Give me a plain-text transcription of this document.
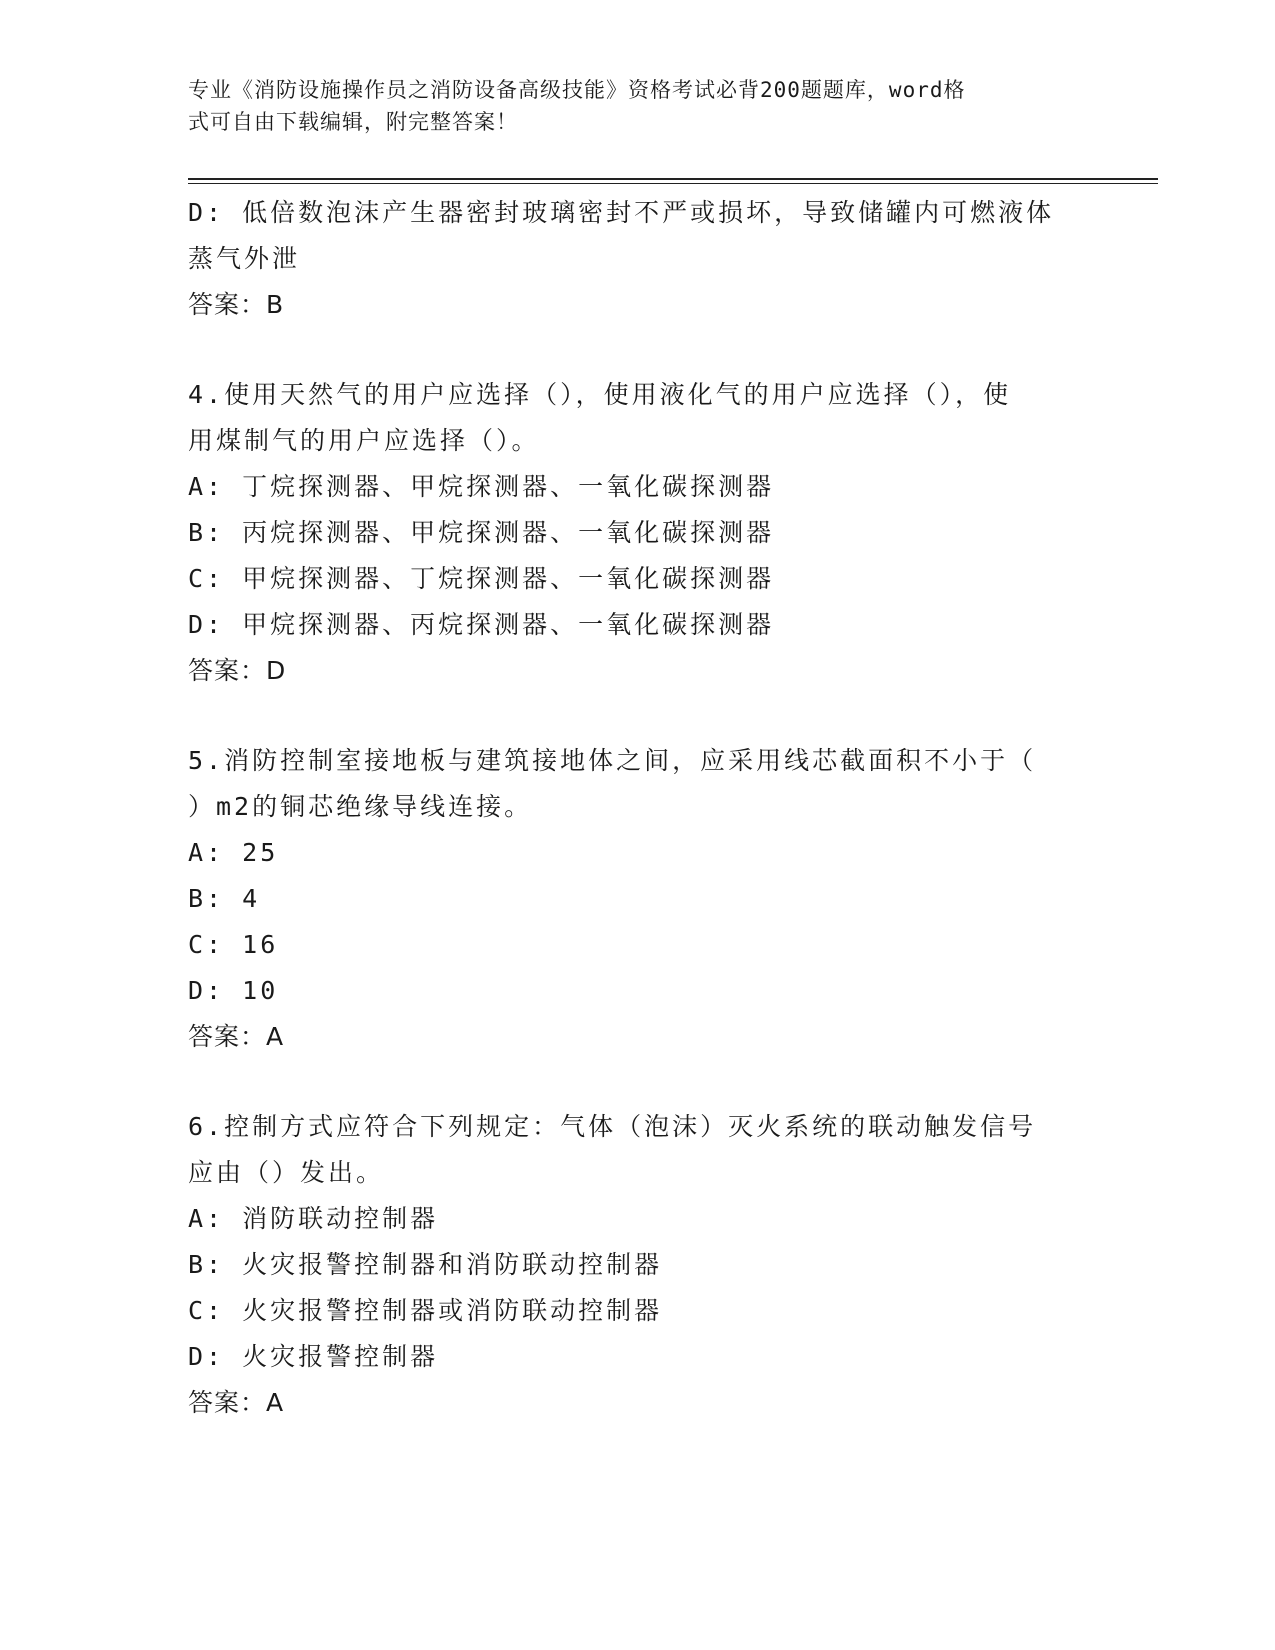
专业《消防设施操作员之消防设备高级技能》资格考试必背200题题库，word格
式可自由下载编辑，附完整答案！
D: 低倍数泡沫产生器密封玻璃密封不严或损坏，导致储罐内可燃液体
蒸气外泄
答案：B
4.使用天然气的用户应选择（），使用液化气的用户应选择（），使
用煤制气的用户应选择（）。
A: 丁烷探测器、甲烷探测器、一氧化碳探测器
B: 丙烷探测器、甲烷探测器、一氧化碳探测器
C: 甲烷探测器、丁烷探测器、一氧化碳探测器
D: 甲烷探测器、丙烷探测器、一氧化碳探测器
答案：D
5.消防控制室接地板与建筑接地体之间，应采用线芯截面积不小于（
）m2的铜芯绝缘导线连接。
A: 25
B: 4
C: 16
D: 10
答案：A
6.控制方式应符合下列规定：气体（泡沫）灭火系统的联动触发信号
应由（）发出。
A: 消防联动控制器
B: 火灾报警控制器和消防联动控制器
C: 火灾报警控制器或消防联动控制器
D: 火灾报警控制器
答案：A
